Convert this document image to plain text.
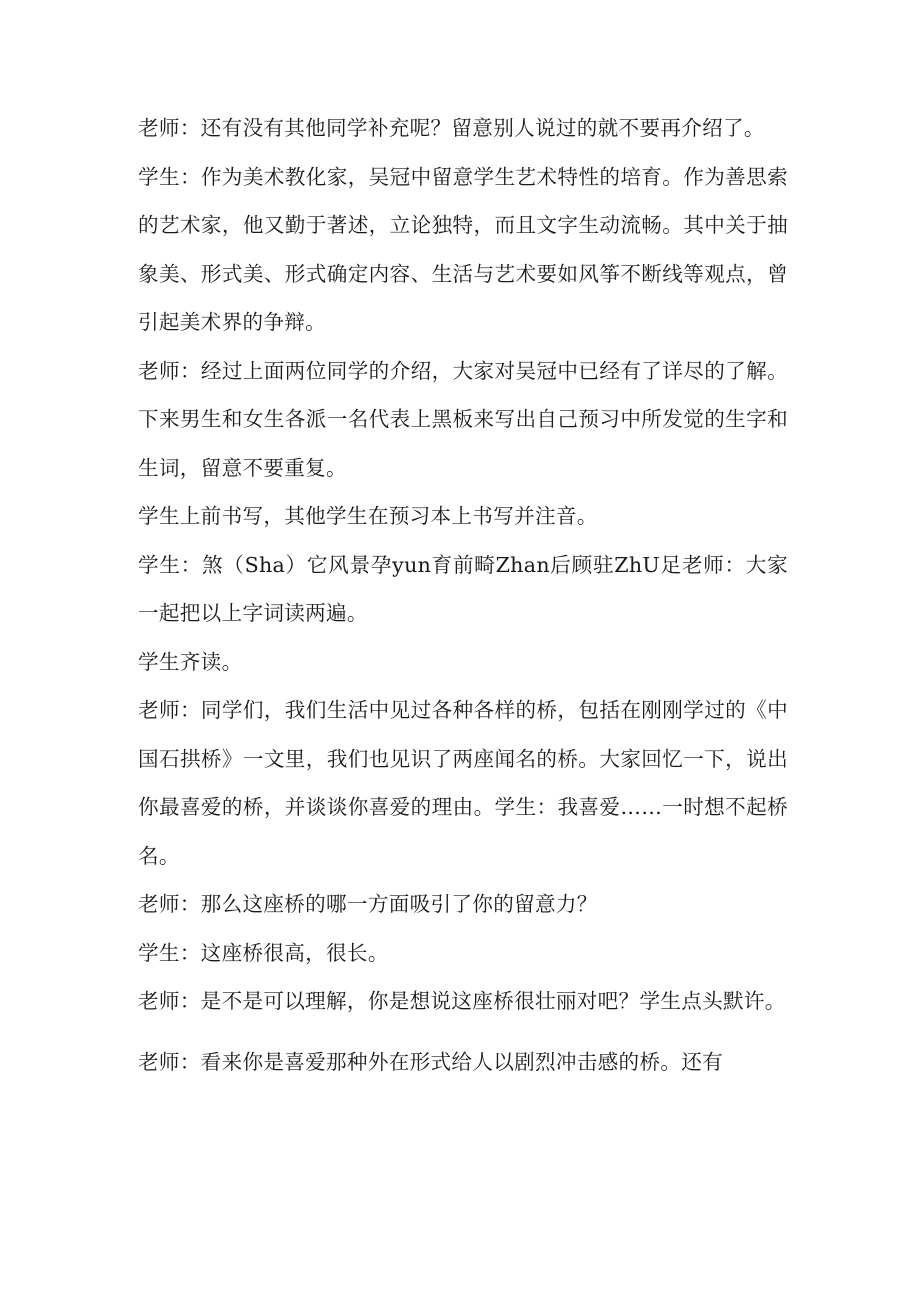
老师：还有没有其他同学补充呢？留意别人说过的就不要再介绍了。

学生：作为美术教化家，吴冠中留意学生艺术特性的培育。作为善思索的艺术家，他又勤于著述，立论独特，而且文字生动流畅。其中关于抽象美、形式美、形式确定内容、生活与艺术要如风筝不断线等观点，曾引起美术界的争辩。

老师：经过上面两位同学的介绍，大家对吴冠中已经有了详尽的了解。下来男生和女生各派一名代表上黑板来写出自己预习中所发觉的生字和生词，留意不要重复。

学生上前书写，其他学生在预习本上书写并注音。

学生：煞（Sha）它风景孕yun育前畸Zhan后顾驻ZhU足老师：大家一起把以上字词读两遍。

学生齐读。

老师：同学们，我们生活中见过各种各样的桥，包括在刚刚学过的《中国石拱桥》一文里，我们也见识了两座闻名的桥。大家回忆一下，说出你最喜爱的桥，并谈谈你喜爱的理由。学生：我喜爱……一时想不起桥名。

老师：那么这座桥的哪一方面吸引了你的留意力？

学生：这座桥很高，很长。

老师：是不是可以理解，你是想说这座桥很壮丽对吧？学生点头默许。

老师：看来你是喜爱那种外在形式给人以剧烈冲击感的桥。还有
